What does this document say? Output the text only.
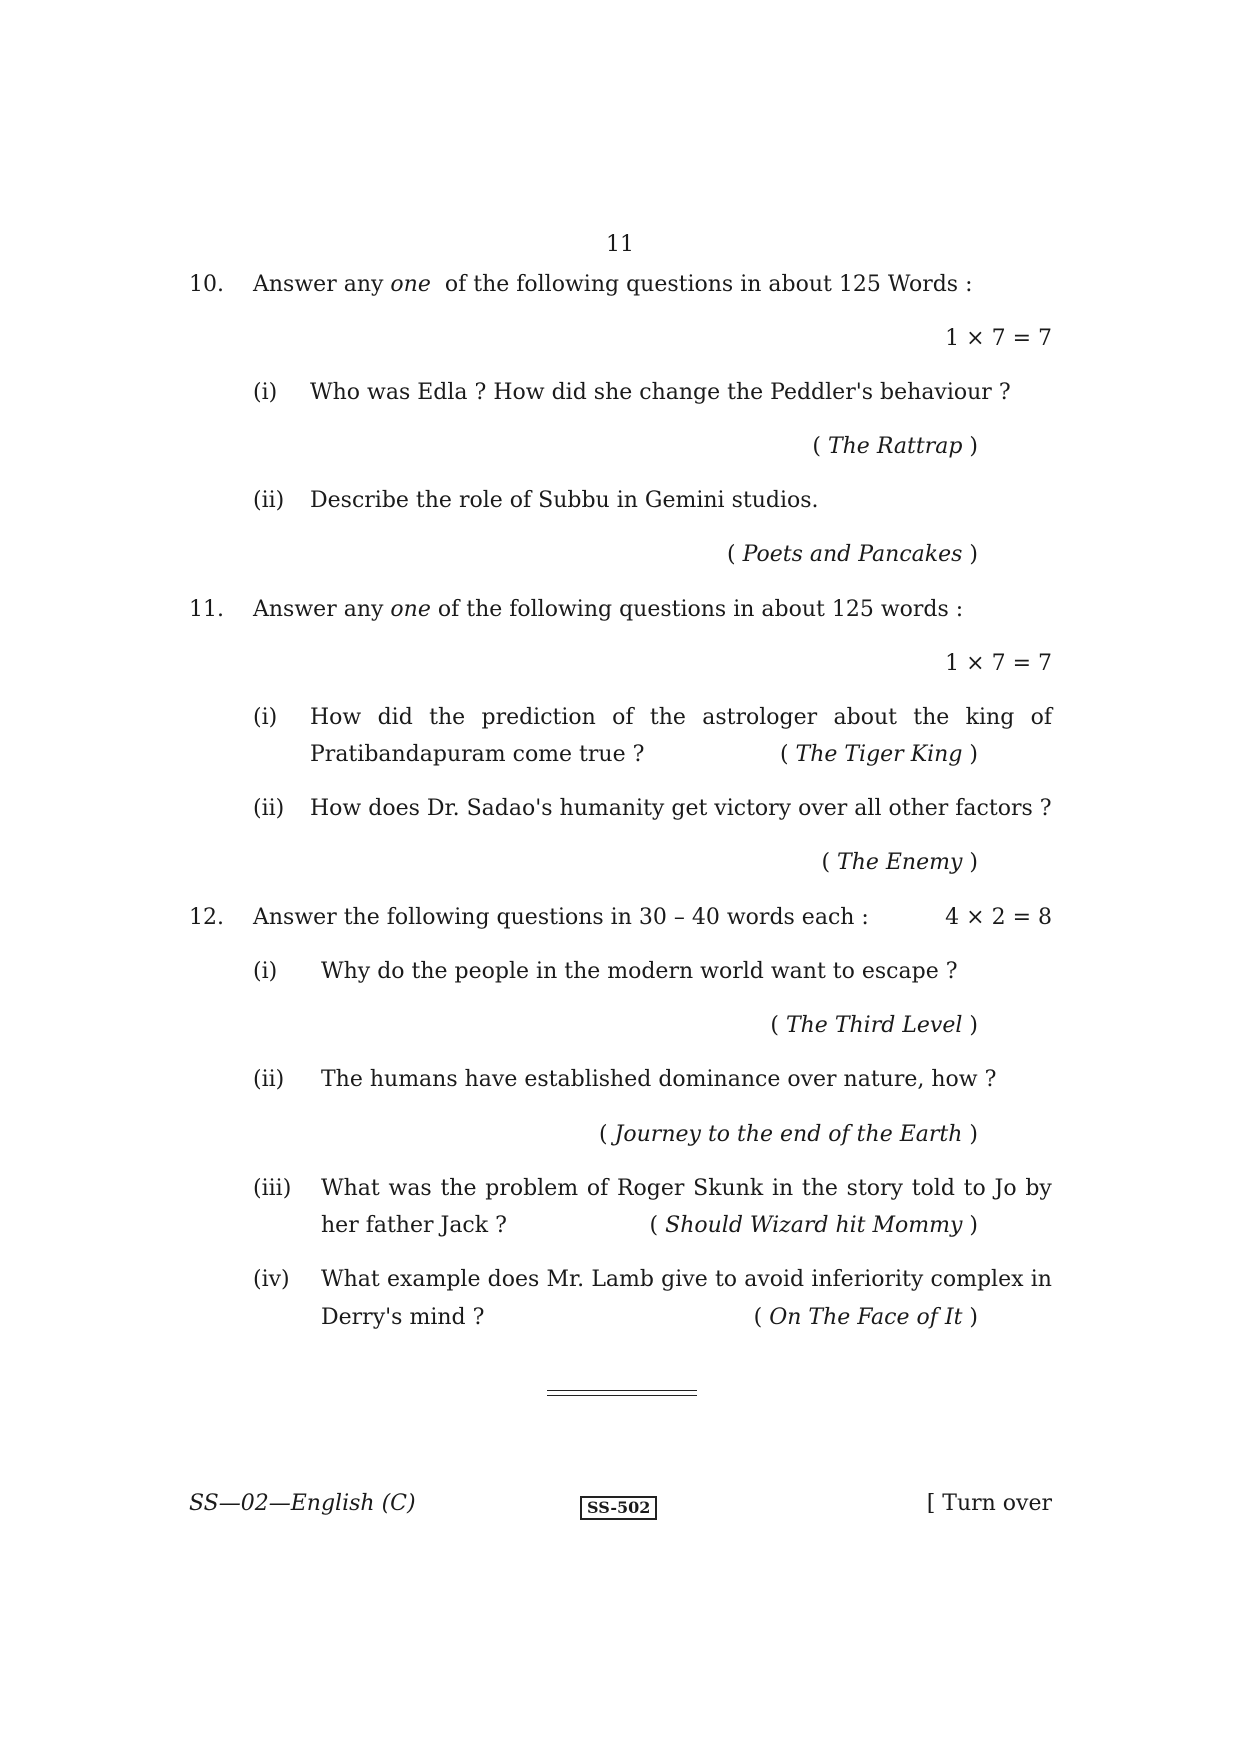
11
10. Answer any one  of the following questions in about 125 Words :
1 × 7 = 7
(i) Who was Edla ? How did she change the Peddler's behaviour ?
( The Rattrap )
(ii) Describe the role of Subbu in Gemini studios.
( Poets and Pancakes )
11. Answer any one of the following questions in about 125 words :
1 × 7 = 7
(i) How did the prediction of the astrologer about the king of
Pratibandapuram come true ?	( The Tiger King )
(ii) How does Dr. Sadao's humanity get victory over all other factors ?
( The Enemy )
12. Answer the following questions in 30 – 40 words each :	4 × 2 = 8
(i) Why do the people in the modern world want to escape ?
( The Third Level )
(ii) The humans have established dominance over nature, how ?
( Journey to the end of the Earth )
(iii) What was the problem of Roger Skunk in the story told to Jo by
her father Jack ?	( Should Wizard hit Mommy )
(iv) What example does Mr. Lamb give to avoid inferiority complex in
Derry's mind ?	( On The Face of It )
SS—02—English (C)	SS-502	[ Turn over
